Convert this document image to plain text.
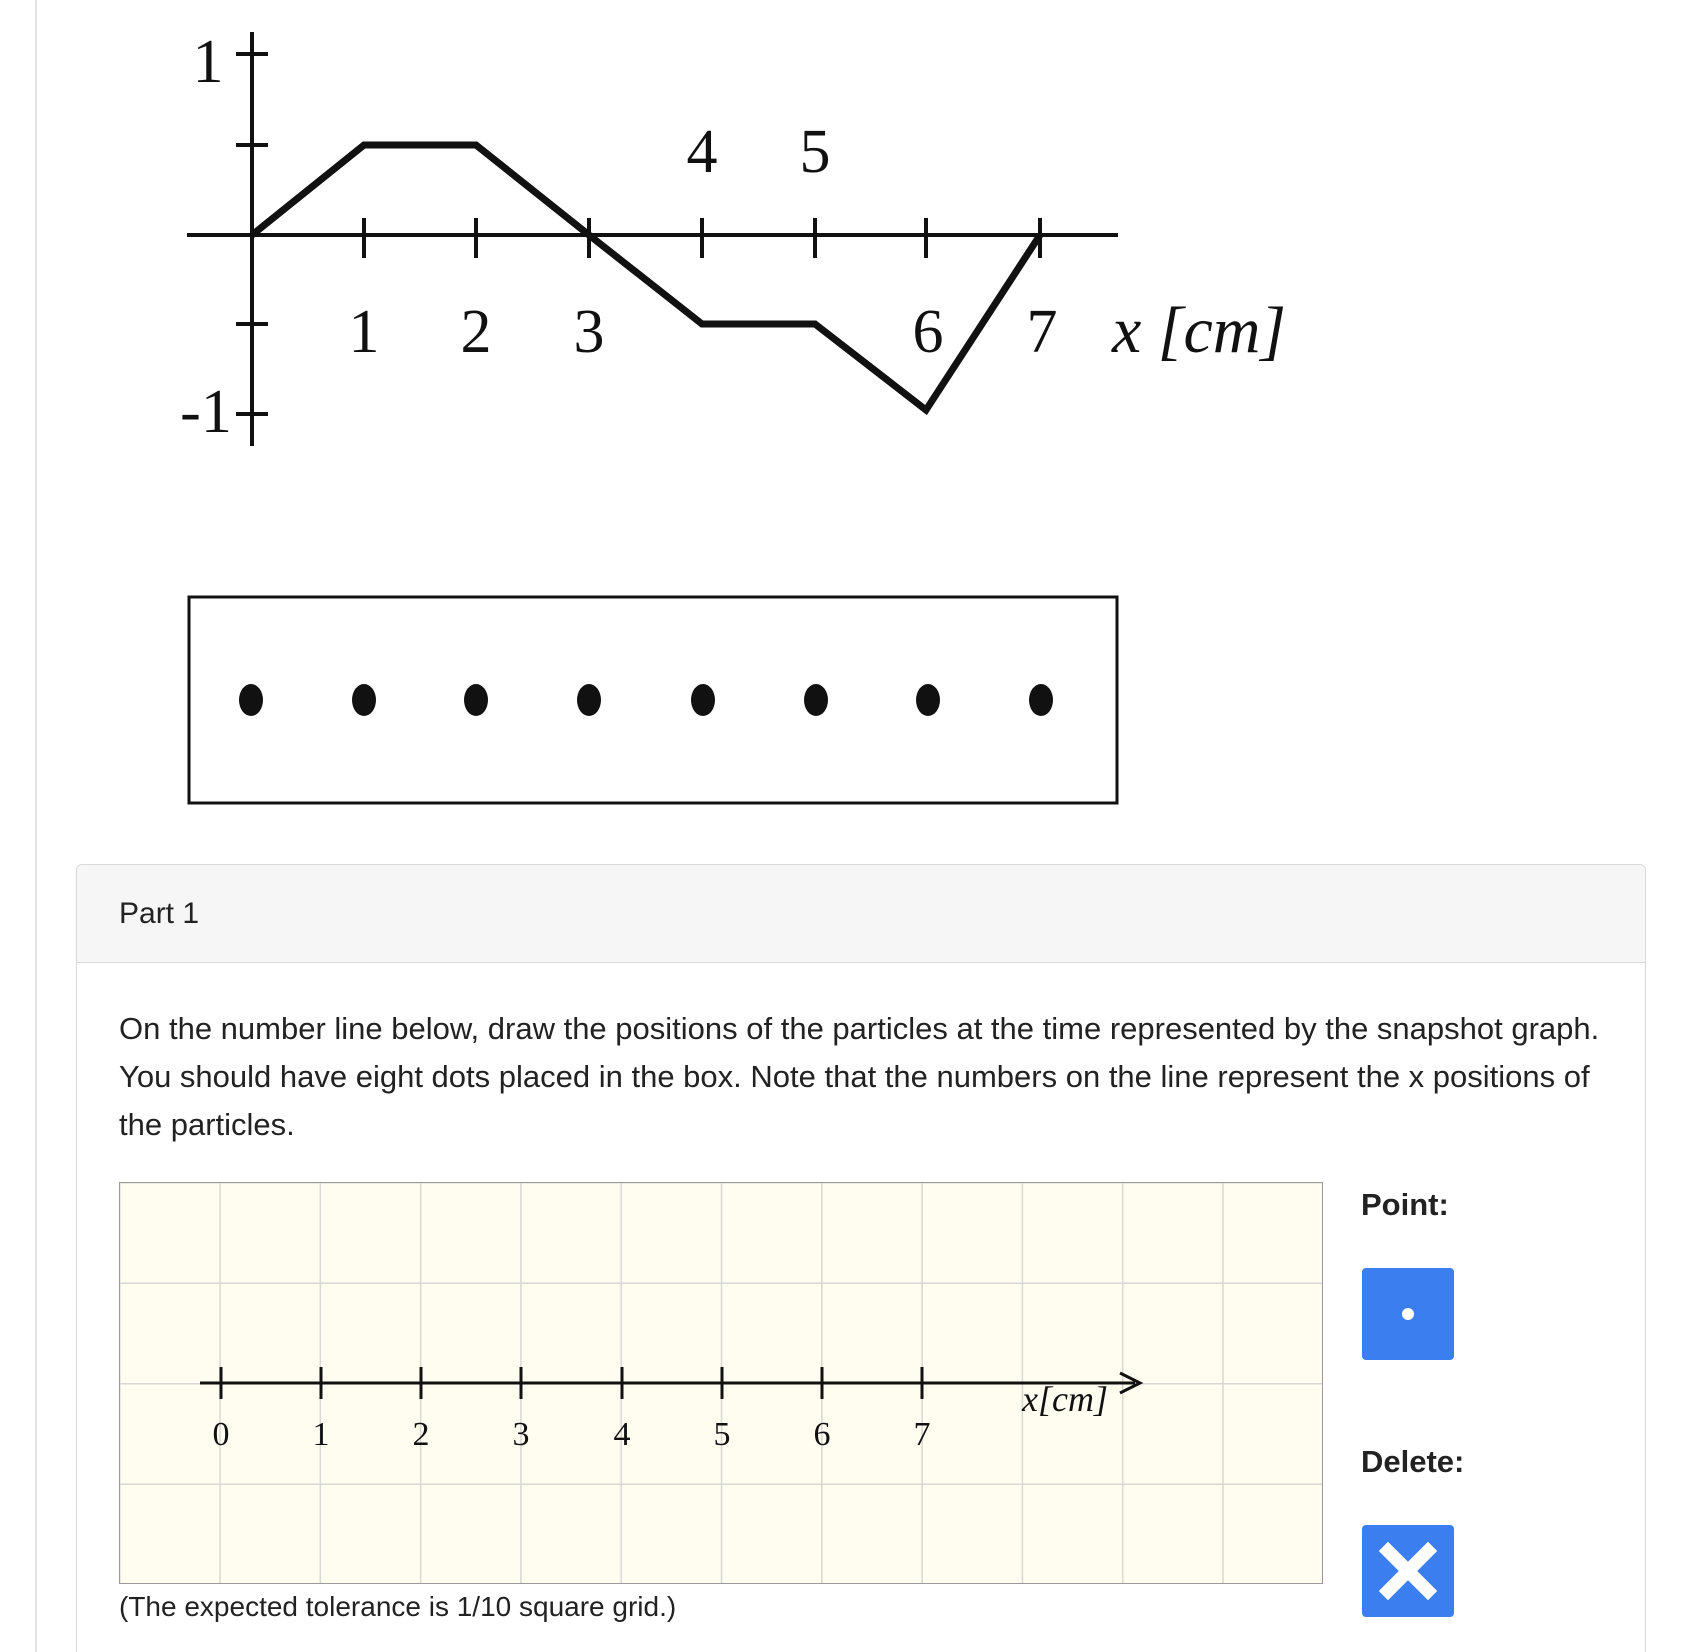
1
-1
4 5
1 2 3	6 7 x [cm]
Part 1
On the number line below, draw the positions of the particles at the time represented by the snapshot graph. You should have eight dots placed in the box. Note that the numbers on the line represent the x positions of the particles.
0 1 2 3 4 5 6 7
x[cm]
(The expected tolerance is 1/10 square grid.)
Point:
Delete:
